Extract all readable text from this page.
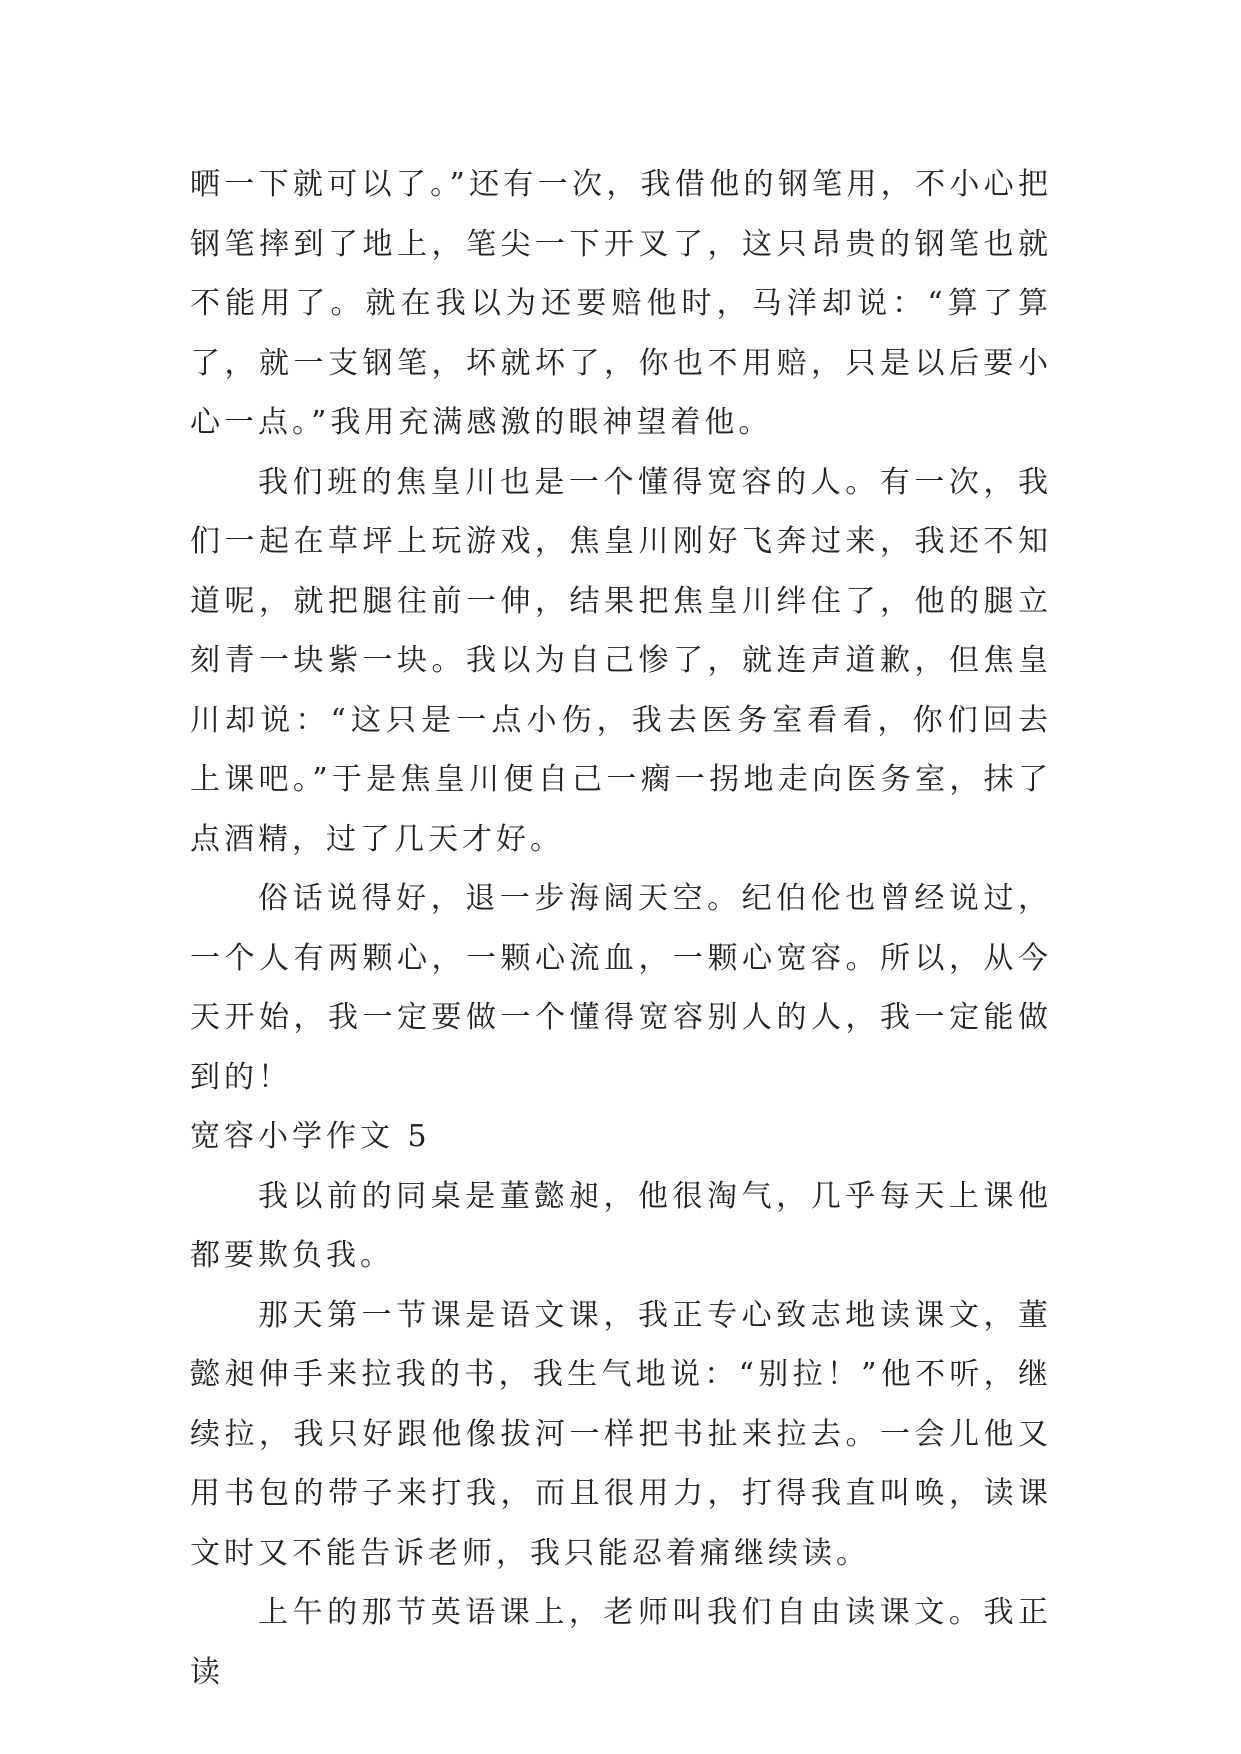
晒一下就可以了。”还有一次，我借他的钢笔用，不小心把钢笔摔到了地上，笔尖一下开叉了，这只昂贵的钢笔也就不能用了。就在我以为还要赔他时，马洋却说：“算了算了，就一支钢笔，坏就坏了，你也不用赔，只是以后要小心一点。”我用充满感激的眼神望着他。

我们班的焦皇川也是一个懂得宽容的人。有一次，我们一起在草坪上玩游戏，焦皇川刚好飞奔过来，我还不知道呢，就把腿往前一伸，结果把焦皇川绊住了，他的腿立刻青一块紫一块。我以为自己惨了，就连声道歉，但焦皇川却说：“这只是一点小伤，我去医务室看看，你们回去上课吧。”于是焦皇川便自己一瘸一拐地走向医务室，抹了点酒精，过了几天才好。

俗话说得好，退一步海阔天空。纪伯伦也曾经说过，一个人有两颗心，一颗心流血，一颗心宽容。所以，从今天开始，我一定要做一个懂得宽容别人的人，我一定能做到的！

宽容小学作文 5

我以前的同桌是董懿昶，他很淘气，几乎每天上课他都要欺负我。

那天第一节课是语文课，我正专心致志地读课文，董懿昶伸手来拉我的书，我生气地说：“别拉！”他不听，继续拉，我只好跟他像拔河一样把书扯来拉去。一会儿他又用书包的带子来打我，而且很用力，打得我直叫唤，读课文时又不能告诉老师，我只能忍着痛继续读。

上午的那节英语课上，老师叫我们自由读课文。我正读
